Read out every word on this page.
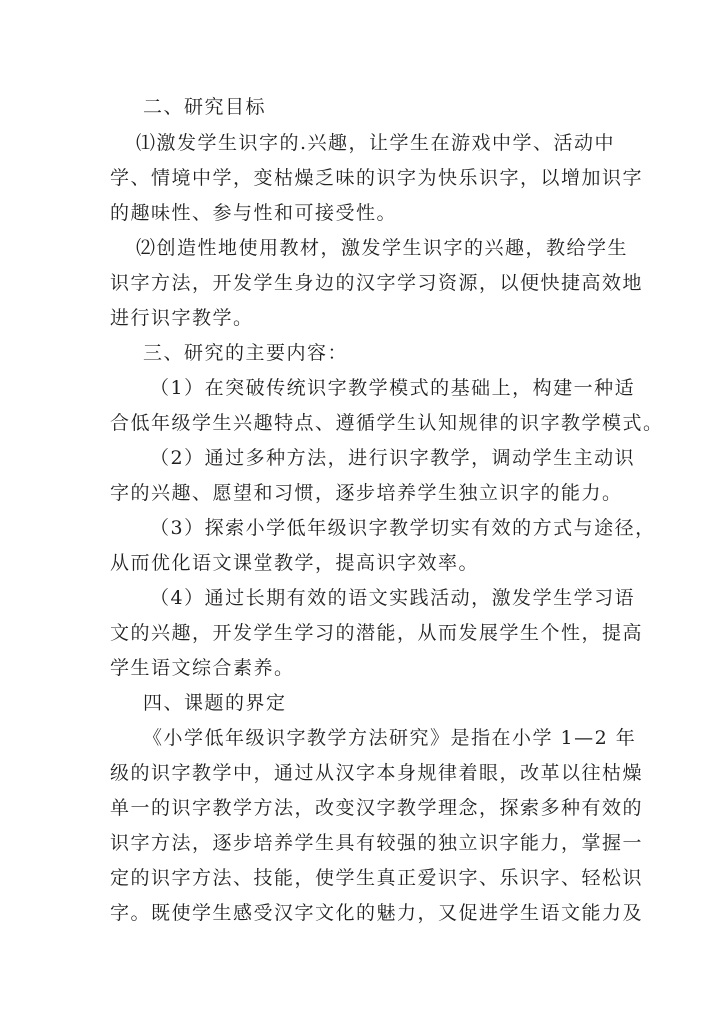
二、研究目标
⑴激发学生识字的.兴趣，让学生在游戏中学、活动中
学、情境中学，变枯燥乏味的识字为快乐识字，以增加识字
的趣味性、参与性和可接受性。
⑵创造性地使用教材，激发学生识字的兴趣，教给学生
识字方法，开发学生身边的汉字学习资源，以便快捷高效地
进行识字教学。
三、研究的主要内容：
（1）在突破传统识字教学模式的基础上，构建一种适
合低年级学生兴趣特点、遵循学生认知规律的识字教学模式。
（2）通过多种方法，进行识字教学，调动学生主动识
字的兴趣、愿望和习惯，逐步培养学生独立识字的能力。
（3）探索小学低年级识字教学切实有效的方式与途径，
从而优化语文课堂教学，提高识字效率。
（4）通过长期有效的语文实践活动，激发学生学习语
文的兴趣，开发学生学习的潜能，从而发展学生个性，提高
学生语文综合素养。
四、课题的界定
《小学低年级识字教学方法研究》是指在小学 1—2 年
级的识字教学中，通过从汉字本身规律着眼，改革以往枯燥
单一的识字教学方法，改变汉字教学理念，探索多种有效的
识字方法，逐步培养学生具有较强的独立识字能力，掌握一
定的识字方法、技能，使学生真正爱识字、乐识字、轻松识
字。既使学生感受汉字文化的魅力，又促进学生语文能力及
